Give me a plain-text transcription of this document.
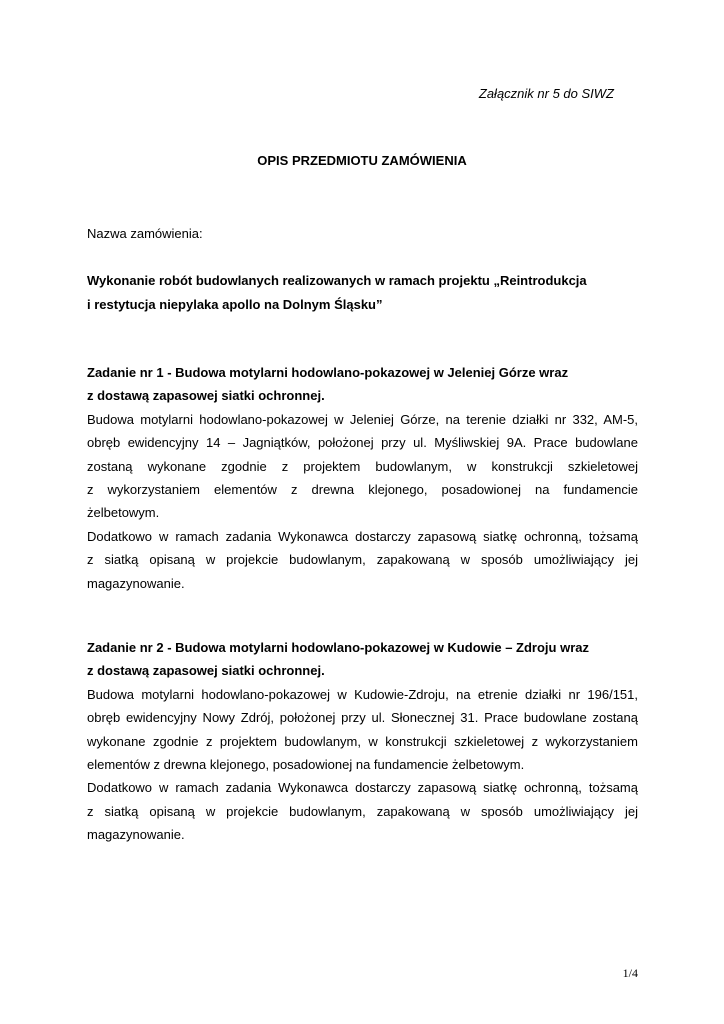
Załącznik nr 5 do SIWZ
OPIS PRZEDMIOTU ZAMÓWIENIA
Nazwa zamówienia:
Wykonanie robót budowlanych realizowanych w ramach projektu „Reintrodukcja
i restytucja niepylaka apollo na Dolnym Śląsku”
Zadanie nr 1 - Budowa motylarni hodowlano-pokazowej w Jeleniej Górze wraz
z dostawą zapasowej siatki ochronnej.
Budowa motylarni hodowlano-pokazowej w Jeleniej Górze, na terenie działki nr 332, AM-5,
obręb ewidencyjny 14 – Jagniątków, położonej przy ul. Myśliwskiej 9A. Prace budowlane
zostaną wykonane zgodnie z projektem budowlanym, w konstrukcji szkieletowej
z wykorzystaniem elementów z drewna klejonego, posadowionej na fundamencie
żelbetowym.
Dodatkowo w ramach zadania Wykonawca dostarczy zapasową siatkę ochronną, tożsamą
z siatką opisaną w projekcie budowlanym, zapakowaną w sposób umożliwiający jej
magazynowanie.
Zadanie nr 2 - Budowa motylarni hodowlano-pokazowej w Kudowie – Zdroju wraz
z dostawą zapasowej siatki ochronnej.
Budowa motylarni hodowlano-pokazowej w Kudowie-Zdroju, na etrenie działki nr 196/151,
obręb ewidencyjny Nowy Zdrój, położonej przy ul. Słonecznej 31. Prace budowlane zostaną
wykonane zgodnie z projektem budowlanym, w konstrukcji szkieletowej z wykorzystaniem
elementów z drewna klejonego, posadowionej na fundamencie żelbetowym.
Dodatkowo w ramach zadania Wykonawca dostarczy zapasową siatkę ochronną, tożsamą
z siatką opisaną w projekcie budowlanym, zapakowaną w sposób umożliwiający jej
magazynowanie.
1/4
